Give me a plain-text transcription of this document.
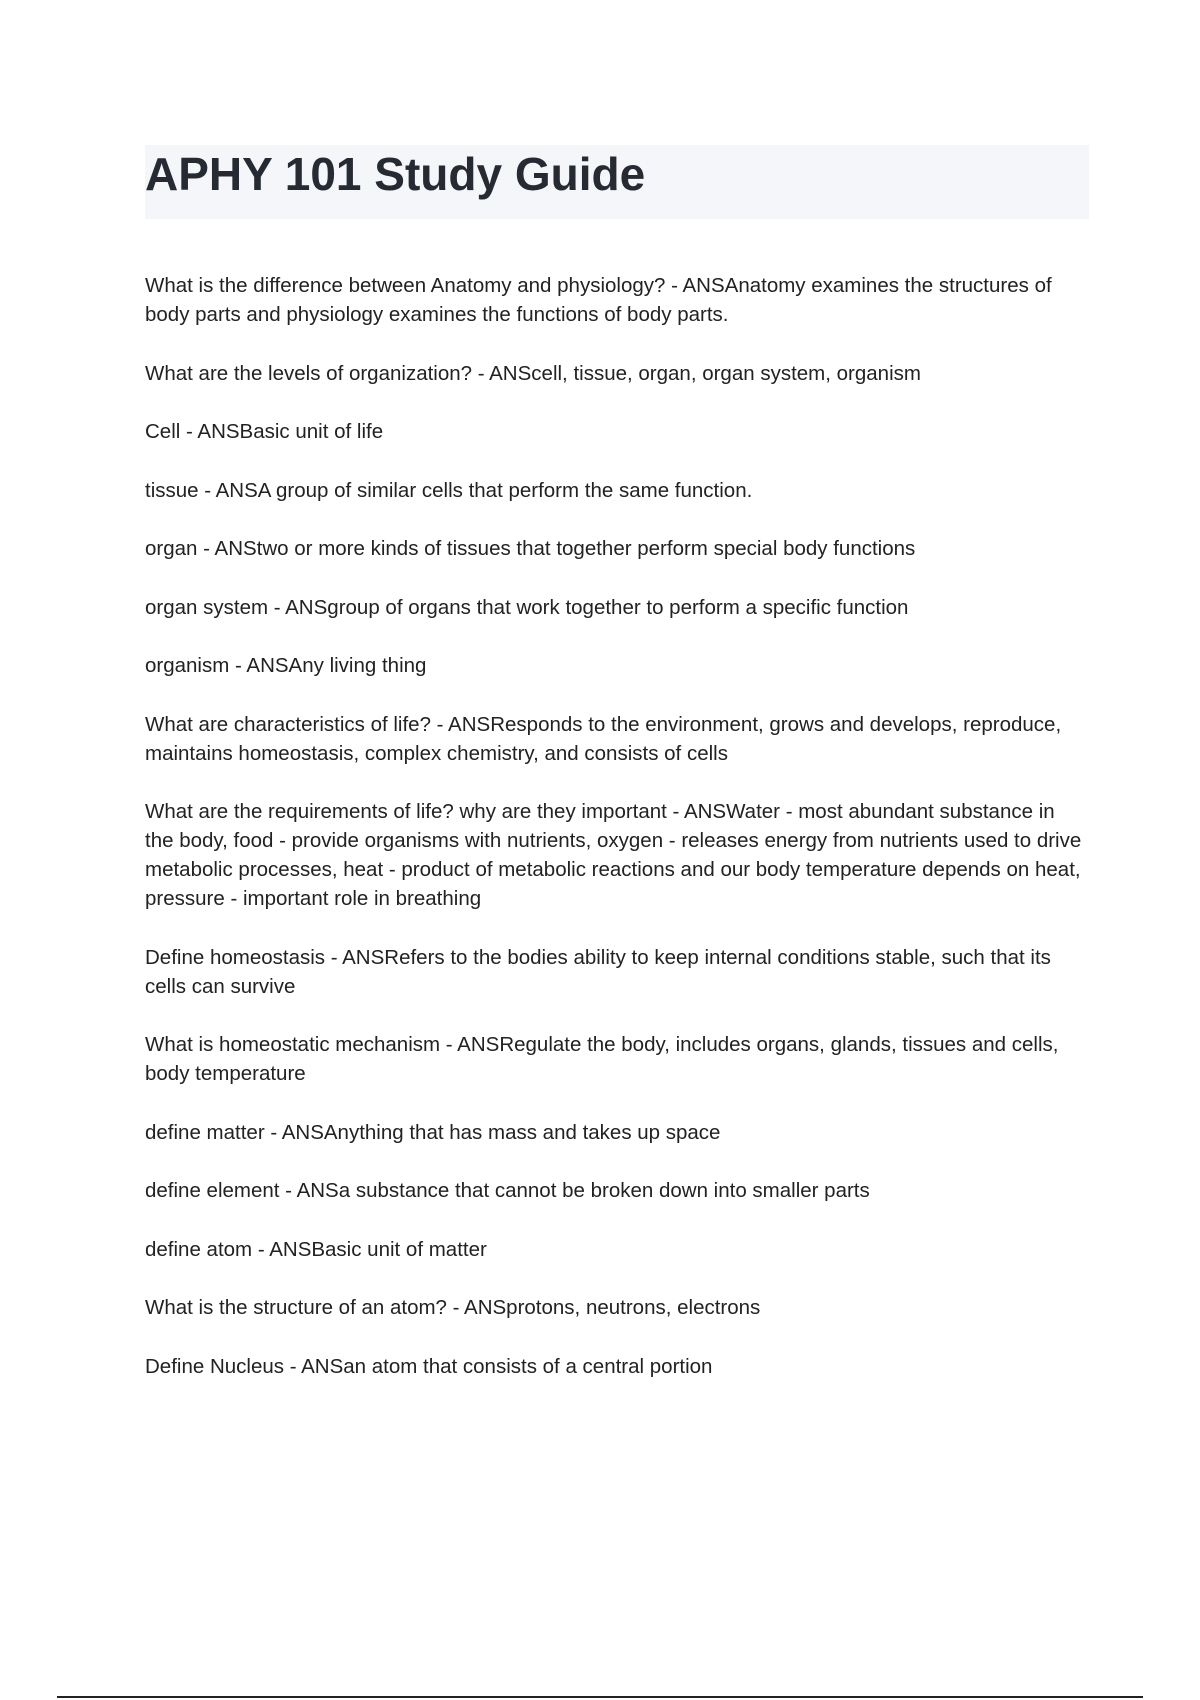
APHY 101 Study Guide
What is the difference between Anatomy and physiology? - ANSAnatomy examines the structures of body parts and physiology examines the functions of body parts.
What are the levels of organization? - ANScell, tissue, organ, organ system, organism
Cell - ANSBasic unit of life
tissue - ANSA group of similar cells that perform the same function.
organ - ANStwo or more kinds of tissues that together perform special body functions
organ system - ANSgroup of organs that work together to perform a specific function
organism - ANSAny living thing
What are characteristics of life? - ANSResponds to the environment, grows and develops, reproduce, maintains homeostasis, complex chemistry, and consists of cells
What are the requirements of life? why are they important - ANSWater - most abundant substance in the body, food - provide organisms with nutrients, oxygen - releases energy from nutrients used to drive metabolic processes, heat - product of metabolic reactions and our body temperature depends on heat, pressure - important role in breathing
Define homeostasis - ANSRefers to the bodies ability to keep internal conditions stable, such that its cells can survive
What is homeostatic mechanism - ANSRegulate the body, includes organs, glands, tissues and cells, body temperature
define matter - ANSAnything that has mass and takes up space
define element - ANSa substance that cannot be broken down into smaller parts
define atom - ANSBasic unit of matter
What is the structure of an atom? - ANSprotons, neutrons, electrons
Define Nucleus - ANSan atom that consists of a central portion
